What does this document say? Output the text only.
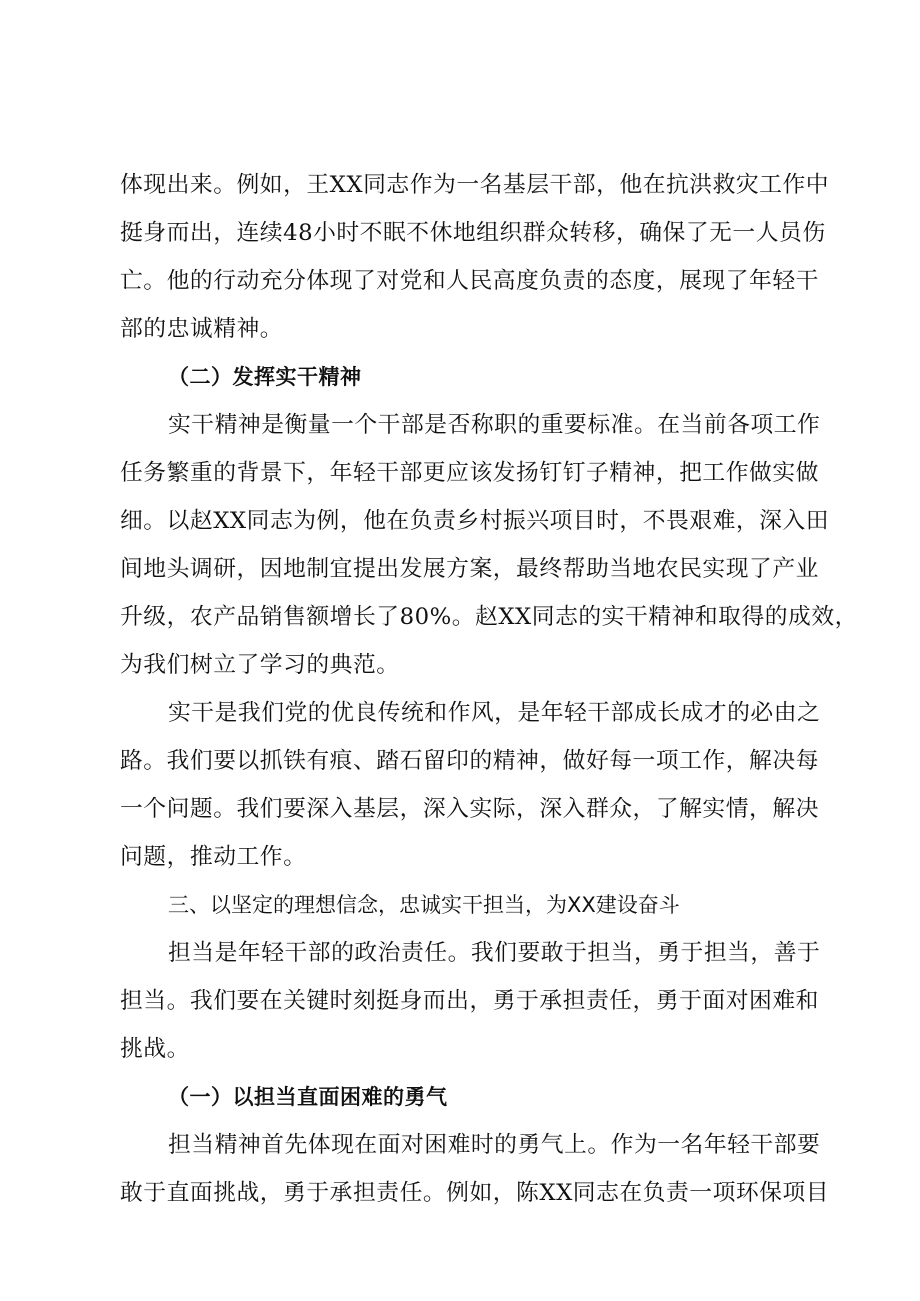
体现出来。例如，王XX同志作为一名基层干部，他在抗洪救灾工作中
挺身而出，连续48小时不眠不休地组织群众转移，确保了无一人员伤
亡。他的行动充分体现了对党和人民高度负责的态度，展现了年轻干
部的忠诚精神。
（二）发挥实干精神
实干精神是衡量一个干部是否称职的重要标准。在当前各项工作
任务繁重的背景下，年轻干部更应该发扬钉钉子精神，把工作做实做
细。以赵XX同志为例，他在负责乡村振兴项目时，不畏艰难，深入田
间地头调研，因地制宜提出发展方案，最终帮助当地农民实现了产业
升级，农产品销售额增长了80%。赵XX同志的实干精神和取得的成效，
为我们树立了学习的典范。
实干是我们党的优良传统和作风，是年轻干部成长成才的必由之
路。我们要以抓铁有痕、踏石留印的精神，做好每一项工作，解决每
一个问题。我们要深入基层，深入实际，深入群众，了解实情，解决
问题，推动工作。
三、以坚定的理想信念，忠诚实干担当，为XX建设奋斗
担当是年轻干部的政治责任。我们要敢于担当，勇于担当，善于
担当。我们要在关键时刻挺身而出，勇于承担责任，勇于面对困难和
挑战。
（一）以担当直面困难的勇气
担当精神首先体现在面对困难时的勇气上。作为一名年轻干部要
敢于直面挑战，勇于承担责任。例如，陈XX同志在负责一项环保项目
